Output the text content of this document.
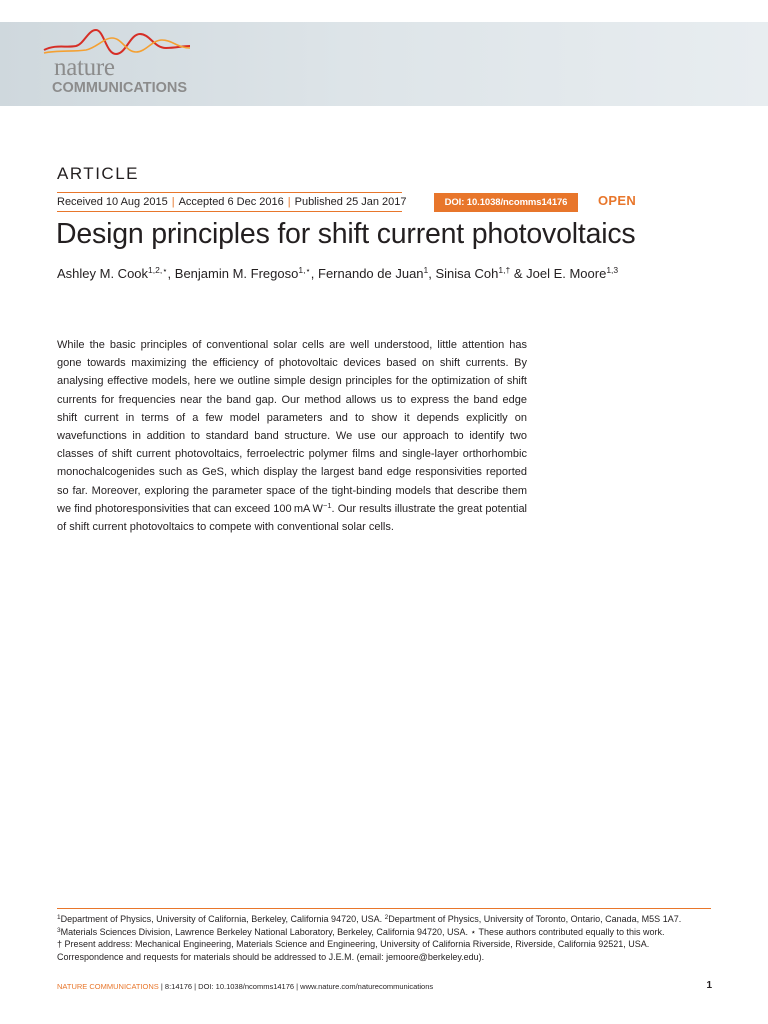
nature
COMMUNICATIONS
ARTICLE
Received 10 Aug 2015 | Accepted 6 Dec 2016 | Published 25 Jan 2017	DOI: 10.1038/ncomms14176	OPEN
Design principles for shift current photovoltaics
Ashley M. Cook$^{1,2,⋆}$, Benjamin M. Fregoso$^{1,⋆}$, Fernando de Juan$^1$, Sinisa Coh$^{1,\dagger}$ & Joel E. Moore$^{1,3}$
While the basic principles of conventional solar cells are well understood, little attention has gone towards maximizing the efficiency of photovoltaic devices based on shift currents. By analysing effective models, here we outline simple design principles for the optimization of shift currents for frequencies near the band gap. Our method allows us to express the band edge shift current in terms of a few model parameters and to show it depends explicitly on wavefunctions in addition to standard band structure. We use our approach to identify two classes of shift current photovoltaics, ferroelectric polymer films and single-layer orthorhombic monochalcogenides such as GeS, which display the largest band edge responsivities reported so far. Moreover, exploring the parameter space of the tight-binding models that describe them we find photoresponsivities that can exceed 100 mA $W^{-1}$. Our results illustrate the great potential of shift current photovoltaics to compete with conventional solar cells.
$^1$Department of Physics, University of California, Berkeley, California 94720, USA. $^2$Department of Physics, University of Toronto, Ontario, Canada, M5S 1A7.
$^3$Materials Sciences Division, Lawrence Berkeley National Laboratory, Berkeley, California 94720, USA. ⋆ These authors contributed equally to this work.
† Present address: Mechanical Engineering, Materials Science and Engineering, University of California Riverside, Riverside, California 92521, USA.
Correspondence and requests for materials should be addressed to J.E.M. (email: jemoore@berkeley.edu).
NATURE COMMUNICATIONS | 8:14176 | DOI: 10.1038/ncomms14176 | www.nature.com/naturecommunications	1
